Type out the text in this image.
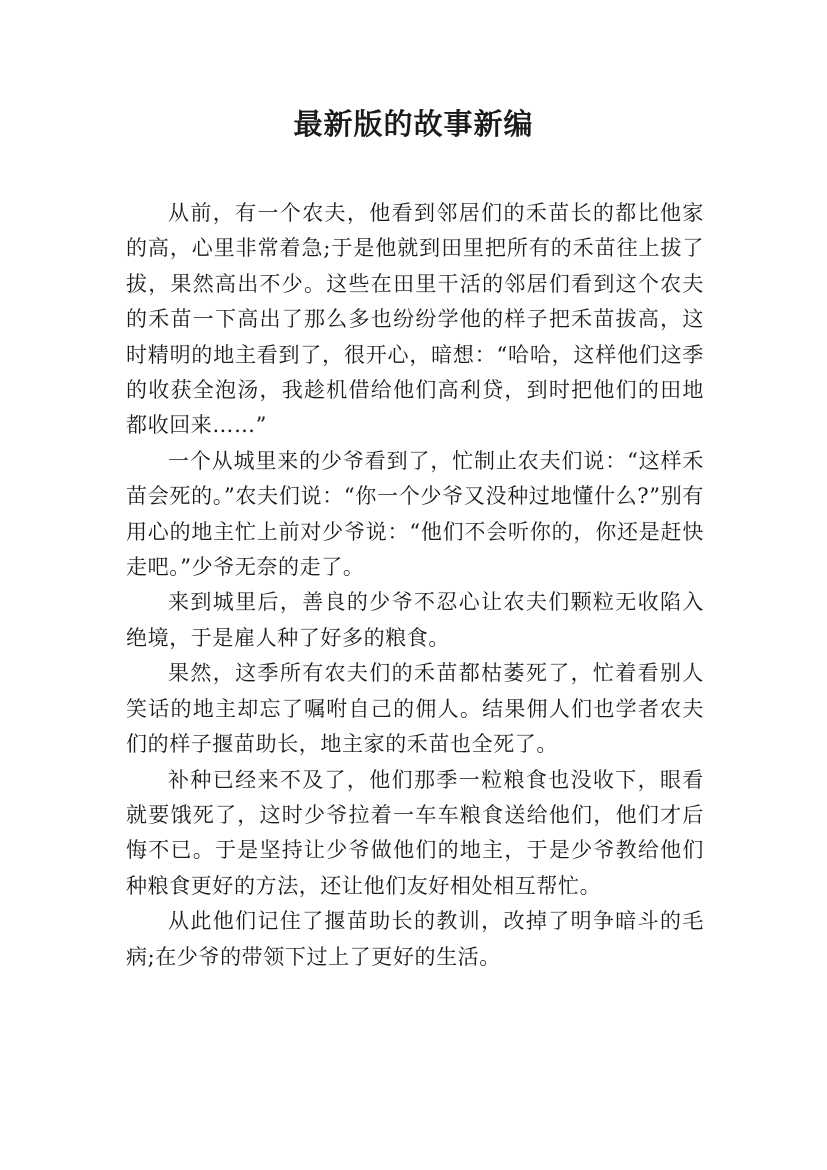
最新版的故事新编

从前，有一个农夫，他看到邻居们的禾苗长的都比他家的高，心里非常着急;于是他就到田里把所有的禾苗往上拔了拔，果然高出不少。这些在田里干活的邻居们看到这个农夫的禾苗一下高出了那么多也纷纷学他的样子把禾苗拔高，这时精明的地主看到了，很开心，暗想：“哈哈，这样他们这季的收获全泡汤，我趁机借给他们高利贷，到时把他们的田地都收回来……”

一个从城里来的少爷看到了，忙制止农夫们说：“这样禾苗会死的。”农夫们说：“你一个少爷又没种过地懂什么?”别有用心的地主忙上前对少爷说：“他们不会听你的，你还是赶快走吧。”少爷无奈的走了。

来到城里后，善良的少爷不忍心让农夫们颗粒无收陷入绝境，于是雇人种了好多的粮食。

果然，这季所有农夫们的禾苗都枯萎死了，忙着看别人笑话的地主却忘了嘱咐自己的佣人。结果佣人们也学者农夫们的样子揠苗助长，地主家的禾苗也全死了。

补种已经来不及了，他们那季一粒粮食也没收下，眼看就要饿死了，这时少爷拉着一车车粮食送给他们，他们才后悔不已。于是坚持让少爷做他们的地主，于是少爷教给他们种粮食更好的方法，还让他们友好相处相互帮忙。

从此他们记住了揠苗助长的教训，改掉了明争暗斗的毛病;在少爷的带领下过上了更好的生活。
